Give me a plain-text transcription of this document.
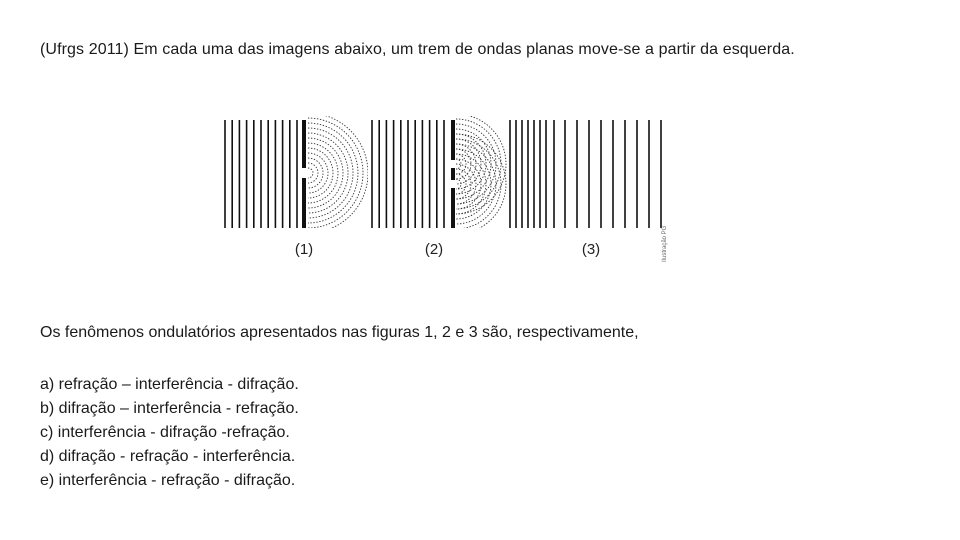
(Ufrgs 2011) Em cada uma das imagens abaixo, um trem de ondas planas move-se a partir da esquerda.
(1)	(2)	(3)	Ilustração PG
Os fenômenos ondulatórios apresentados nas figuras 1, 2 e 3 são, respectivamente,
a) refração – interferência - difração.
b) difração – interferência - refração.
c) interferência - difração -refração.
d) difração - refração - interferência.
e) interferência - refração - difração.
